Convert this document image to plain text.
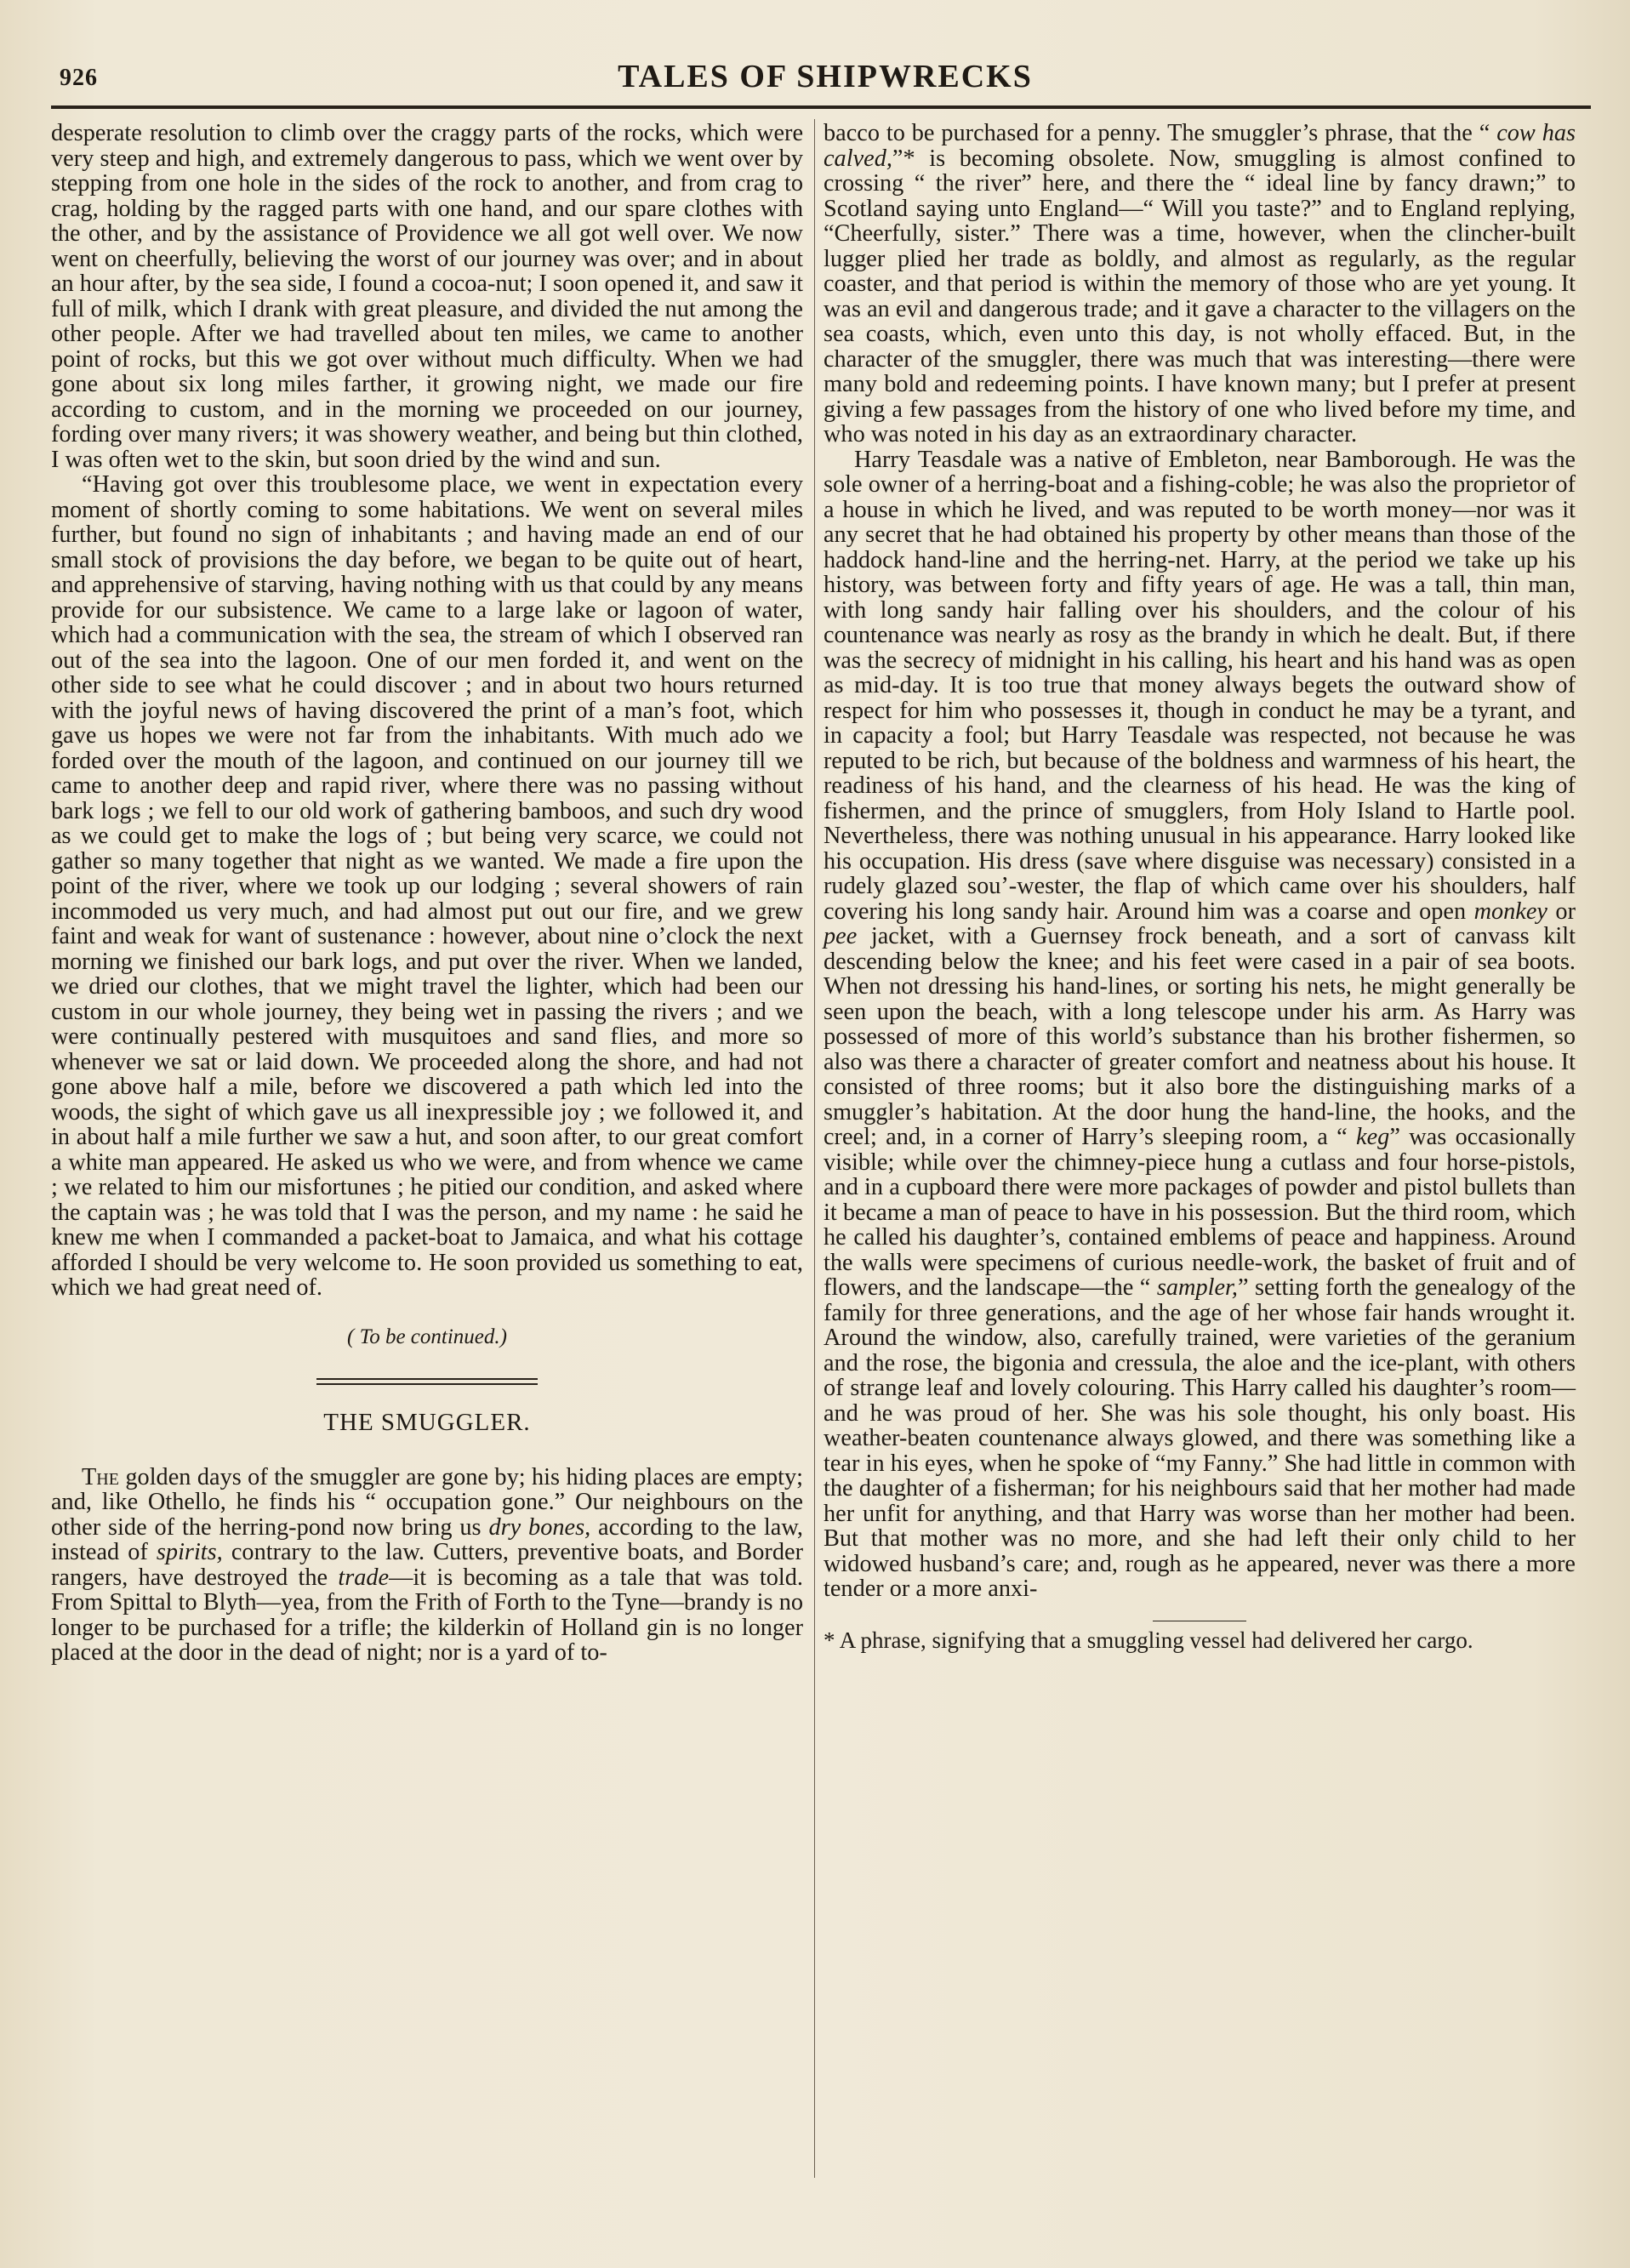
926	TALES OF SHIPWRECKS

desperate resolution to climb over the craggy parts of the rocks, which were very steep and high, and extremely dangerous to pass, which we went over by stepping from one hole in the sides of the rock to another, and from crag to crag, holding by the ragged parts with one hand, and our spare clothes with the other, and by the assistance of Providence we all got well over. We now went on cheerfully, believing the worst of our journey was over; and in about an hour after, by the sea side, I found a cocoa-nut; I soon opened it, and saw it full of milk, which I drank with great pleasure, and divided the nut among the other people. After we had travelled about ten miles, we came to another point of rocks, but this we got over without much difficulty. When we had gone about six long miles farther, it growing night, we made our fire according to custom, and in the morning we proceeded on our journey, fording over many rivers; it was showery weather, and being but thin clothed, I was often wet to the skin, but soon dried by the wind and sun.

“Having got over this troublesome place, we went in expectation every moment of shortly coming to some habitations. We went on several miles further, but found no sign of inhabitants ; and having made an end of our small stock of provisions the day before, we began to be quite out of heart, and apprehensive of starving, having nothing with us that could by any means provide for our subsistence. We came to a large lake or lagoon of water, which had a communication with the sea, the stream of which I observed ran out of the sea into the lagoon. One of our men forded it, and went on the other side to see what he could discover ; and in about two hours returned with the joyful news of having discovered the print of a man’s foot, which gave us hopes we were not far from the inhabitants. With much ado we forded over the mouth of the lagoon, and continued on our journey till we came to another deep and rapid river, where there was no passing without bark logs ; we fell to our old work of gathering bamboos, and such dry wood as we could get to make the logs of ; but being very scarce, we could not gather so many together that night as we wanted. We made a fire upon the point of the river, where we took up our lodging ; several showers of rain incommoded us very much, and had almost put out our fire, and we grew faint and weak for want of sustenance : however, about nine o’clock the next morning we finished our bark logs, and put over the river. When we landed, we dried our clothes, that we might travel the lighter, which had been our custom in our whole journey, they being wet in passing the rivers ; and we were continually pestered with musquitoes and sand flies, and more so whenever we sat or laid down. We proceeded along the shore, and had not gone above half a mile, before we discovered a path which led into the woods, the sight of which gave us all inexpressible joy ; we followed it, and in about half a mile further we saw a hut, and soon after, to our great comfort a white man appeared. He asked us who we were, and from whence we came ; we related to him our misfortunes ; he pitied our condition, and asked where the captain was ; he was told that I was the person, and my name : he said he knew me when I commanded a packet-boat to Jamaica, and what his cottage afforded I should be very welcome to. He soon provided us something to eat, which we had great need of.

( To be continued.)
THE SMUGGLER.

The golden days of the smuggler are gone by; his hiding places are empty; and, like Othello, he finds his “ occupation gone.” Our neighbours on the other side of the herring-pond now bring us dry bones, according to the law, instead of spirits, contrary to the law. Cutters, preventive boats, and Border rangers, have destroyed the trade—it is becoming as a tale that was told. From Spittal to Blyth—yea, from the Frith of Forth to the Tyne—brandy is no longer to be purchased for a trifle; the kilderkin of Holland gin is no longer placed at the door in the dead of night; nor is a yard of to-

bacco to be purchased for a penny. The smuggler’s phrase, that the “ cow has calved,”* is becoming obsolete. Now, smuggling is almost confined to crossing “ the river” here, and there the “ ideal line by fancy drawn;” to Scotland saying unto England—“ Will you taste?” and to England replying, “Cheerfully, sister.” There was a time, however, when the clincher-built lugger plied her trade as boldly, and almost as regularly, as the regular coaster, and that period is within the memory of those who are yet young. It was an evil and dangerous trade; and it gave a character to the villagers on the sea coasts, which, even unto this day, is not wholly effaced. But, in the character of the smuggler, there was much that was interesting—there were many bold and redeeming points. I have known many; but I prefer at present giving a few passages from the history of one who lived before my time, and who was noted in his day as an extraordinary character.

Harry Teasdale was a native of Embleton, near Bamborough. He was the sole owner of a herring-boat and a fishing-coble; he was also the proprietor of a house in which he lived, and was reputed to be worth money—nor was it any secret that he had obtained his property by other means than those of the haddock hand-line and the herring-net. Harry, at the period we take up his history, was between forty and fifty years of age. He was a tall, thin man, with long sandy hair falling over his shoulders, and the colour of his countenance was nearly as rosy as the brandy in which he dealt. But, if there was the secrecy of midnight in his calling, his heart and his hand was as open as mid-day. It is too true that money always begets the outward show of respect for him who possesses it, though in conduct he may be a tyrant, and in capacity a fool; but Harry Teasdale was respected, not because he was reputed to be rich, but because of the boldness and warmness of his heart, the readiness of his hand, and the clearness of his head. He was the king of fishermen, and the prince of smugglers, from Holy Island to Hartle pool. Nevertheless, there was nothing unusual in his appearance. Harry looked like his occupation. His dress (save where disguise was necessary) consisted in a rudely glazed sou’-wester, the flap of which came over his shoulders, half covering his long sandy hair. Around him was a coarse and open monkey or pee jacket, with a Guernsey frock beneath, and a sort of canvass kilt descending below the knee; and his feet were cased in a pair of sea boots. When not dressing his hand-lines, or sorting his nets, he might generally be seen upon the beach, with a long telescope under his arm. As Harry was possessed of more of this world’s substance than his brother fishermen, so also was there a character of greater comfort and neatness about his house. It consisted of three rooms; but it also bore the distinguishing marks of a smuggler’s habitation. At the door hung the hand-line, the hooks, and the creel; and, in a corner of Harry’s sleeping room, a “ keg” was occasionally visible; while over the chimney-piece hung a cutlass and four horse-pistols, and in a cupboard there were more packages of powder and pistol bullets than it became a man of peace to have in his possession. But the third room, which he called his daughter’s, contained emblems of peace and happiness. Around the walls were specimens of curious needle-work, the basket of fruit and of flowers, and the landscape—the “ sampler,” setting forth the genealogy of the family for three generations, and the age of her whose fair hands wrought it. Around the window, also, carefully trained, were varieties of the geranium and the rose, the bigonia and cressula, the aloe and the ice-plant, with others of strange leaf and lovely colouring. This Harry called his daughter’s room—and he was proud of her. She was his sole thought, his only boast. His weather-beaten countenance always glowed, and there was something like a tear in his eyes, when he spoke of “my Fanny.” She had little in common with the daughter of a fisherman; for his neighbours said that her mother had made her unfit for anything, and that Harry was worse than her mother had been. But that mother was no more, and she had left their only child to her widowed husband’s care; and, rough as he appeared, never was there a more tender or a more anxi-

* A phrase, signifying that a smuggling vessel had delivered her cargo.
